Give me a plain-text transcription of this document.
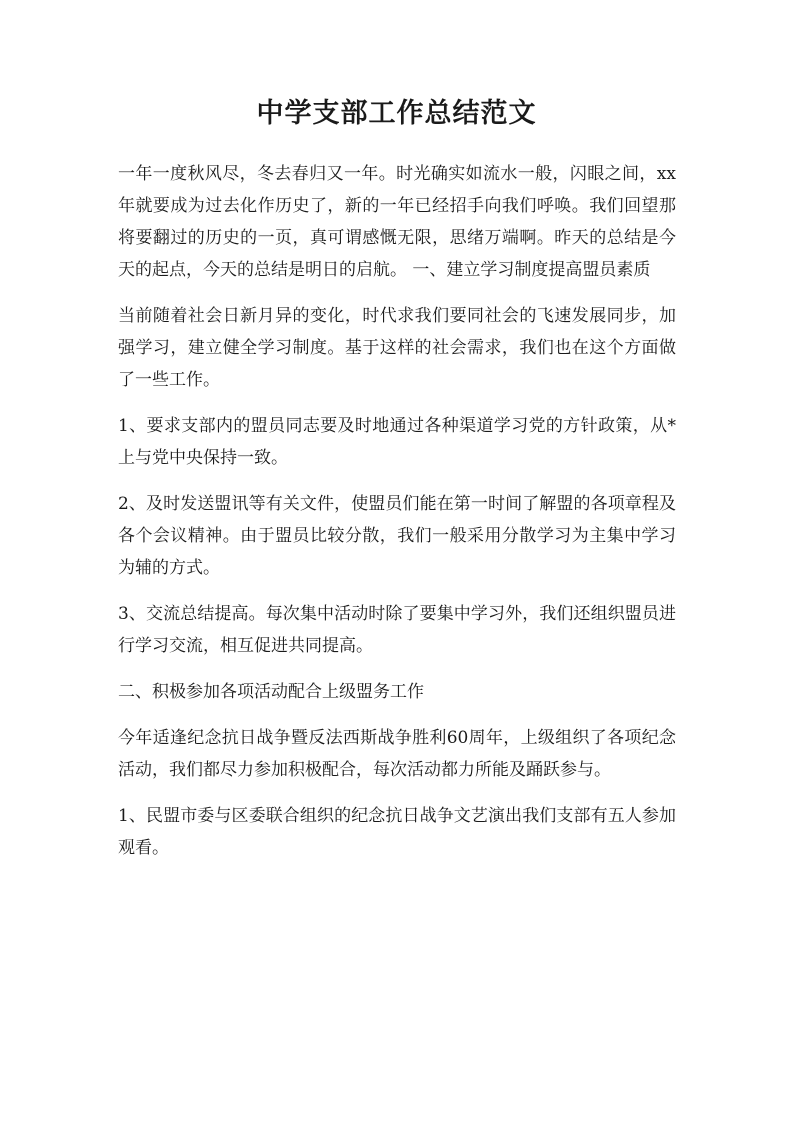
中学支部工作总结范文

一年一度秋风尽，冬去春归又一年。时光确实如流水一般，闪眼之间，xx年就要成为过去化作历史了，新的一年已经招手向我们呼唤。我们回望那将要翻过的历史的一页，真可谓感慨无限，思绪万端啊。昨天的总结是今天的起点，今天的总结是明日的启航。 一、建立学习制度提高盟员素质

当前随着社会日新月异的变化，时代求我们要同社会的飞速发展同步，加强学习，建立健全学习制度。基于这样的社会需求，我们也在这个方面做了一些工作。

1、要求支部内的盟员同志要及时地通过各种渠道学习党的方针政策，从*上与党中央保持一致。

2、及时发送盟讯等有关文件，使盟员们能在第一时间了解盟的各项章程及各个会议精神。由于盟员比较分散，我们一般采用分散学习为主集中学习为辅的方式。

3、交流总结提高。每次集中活动时除了要集中学习外，我们还组织盟员进行学习交流，相互促进共同提高。

二、积极参加各项活动配合上级盟务工作

今年适逢纪念抗日战争暨反法西斯战争胜利60周年，上级组织了各项纪念活动，我们都尽力参加积极配合，每次活动都力所能及踊跃参与。

1、民盟市委与区委联合组织的纪念抗日战争文艺演出我们支部有五人参加观看。
